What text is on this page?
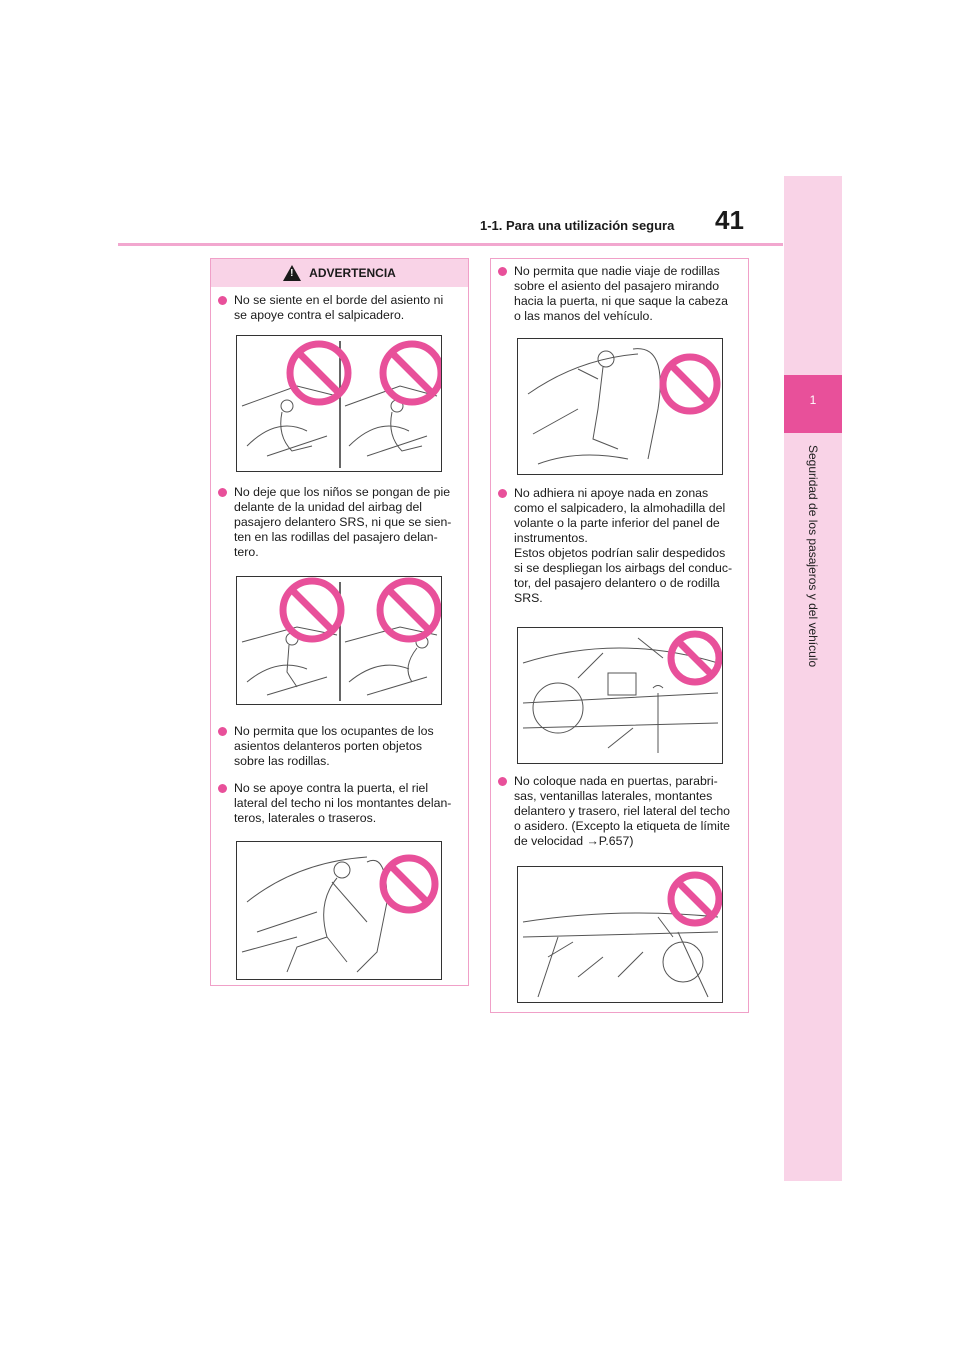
1-1. Para una utilización segura 41
1
Seguridad de los pasajeros y del vehículo
! ADVERTENCIA
No se siente en el borde del asiento ni
se apoye contra el salpicadero.
No deje que los niños se pongan de pie
delante de la unidad del airbag del
pasajero delantero SRS, ni que se sien-
ten en las rodillas del pasajero delan-
tero.
No permita que los ocupantes de los
asientos delanteros porten objetos
sobre las rodillas.
No se apoye contra la puerta, el riel
lateral del techo ni los montantes delan-
teros, laterales o traseros.
No permita que nadie viaje de rodillas
sobre el asiento del pasajero mirando
hacia la puerta, ni que saque la cabeza
o las manos del vehículo.
No adhiera ni apoye nada en zonas
como el salpicadero, la almohadilla del
volante o la parte inferior del panel de
instrumentos.
Estos objetos podrían salir despedidos
si se despliegan los airbags del conduc-
tor, del pasajero delantero o de rodilla
SRS.
No coloque nada en puertas, parabri-
sas, ventanillas laterales, montantes
delantero y trasero, riel lateral del techo
o asidero. (Excepto la etiqueta de límite
de velocidad →P.657)
